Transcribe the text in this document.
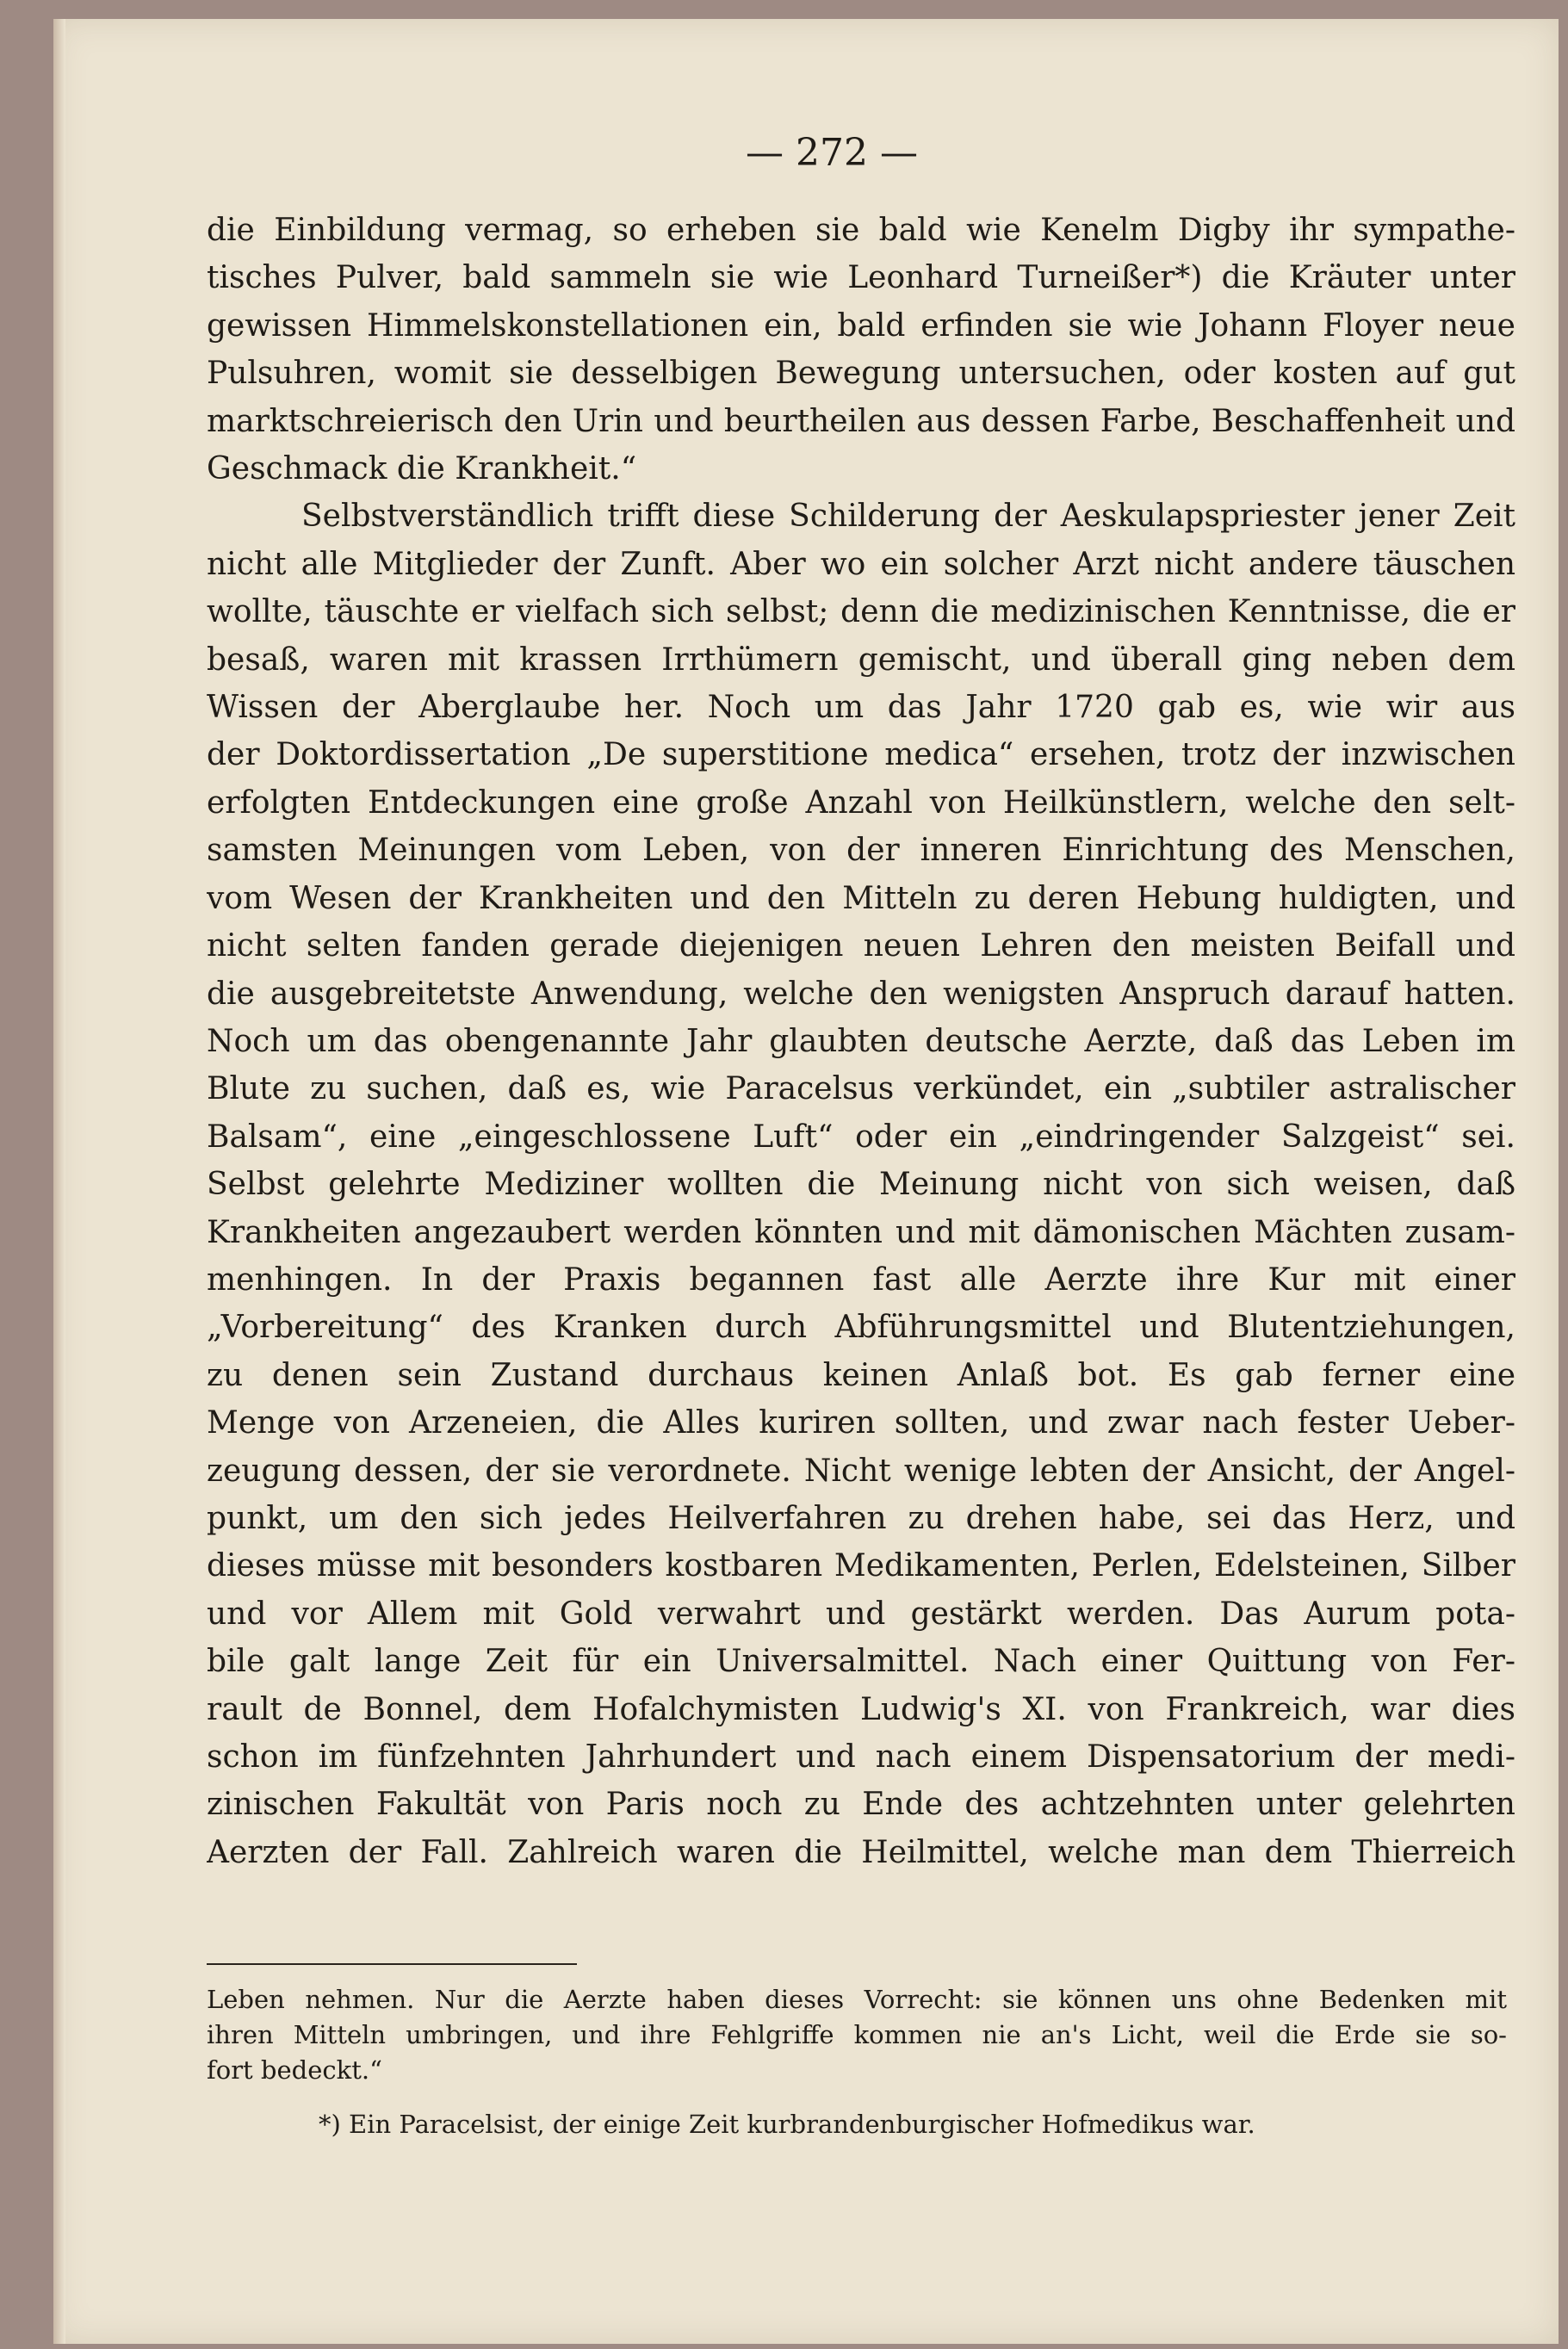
— 272 —
die Einbildung vermag, so erheben sie bald wie Kenelm Digby ihr sympathe-
tisches Pulver, bald sammeln sie wie Leonhard Turneißer*) die Kräuter unter
gewissen Himmelskonstellationen ein, bald erfinden sie wie Johann Floyer neue
Pulsuhren, womit sie desselbigen Bewegung untersuchen, oder kosten auf gut
marktschreierisch den Urin und beurtheilen aus dessen Farbe, Beschaffenheit und
Geschmack die Krankheit.“
Selbstverständlich trifft diese Schilderung der Aeskulapspriester jener Zeit
nicht alle Mitglieder der Zunft. Aber wo ein solcher Arzt nicht andere täuschen
wollte, täuschte er vielfach sich selbst; denn die medizinischen Kenntnisse, die er
besaß, waren mit krassen Irrthümern gemischt, und überall ging neben dem
Wissen der Aberglaube her. Noch um das Jahr 1720 gab es, wie wir aus
der Doktordissertation „De superstitione medica“ ersehen, trotz der inzwischen
erfolgten Entdeckungen eine große Anzahl von Heilkünstlern, welche den selt-
samsten Meinungen vom Leben, von der inneren Einrichtung des Menschen,
vom Wesen der Krankheiten und den Mitteln zu deren Hebung huldigten, und
nicht selten fanden gerade diejenigen neuen Lehren den meisten Beifall und
die ausgebreitetste Anwendung, welche den wenigsten Anspruch darauf hatten.
Noch um das obengenannte Jahr glaubten deutsche Aerzte, daß das Leben im
Blute zu suchen, daß es, wie Paracelsus verkündet, ein „subtiler astralischer
Balsam“, eine „eingeschlossene Luft“ oder ein „eindringender Salzgeist“ sei.
Selbst gelehrte Mediziner wollten die Meinung nicht von sich weisen, daß
Krankheiten angezaubert werden könnten und mit dämonischen Mächten zusam-
menhingen. In der Praxis begannen fast alle Aerzte ihre Kur mit einer
„Vorbereitung“ des Kranken durch Abführungsmittel und Blutentziehungen,
zu denen sein Zustand durchaus keinen Anlaß bot. Es gab ferner eine
Menge von Arzeneien, die Alles kuriren sollten, und zwar nach fester Ueber-
zeugung dessen, der sie verordnete. Nicht wenige lebten der Ansicht, der Angel-
punkt, um den sich jedes Heilverfahren zu drehen habe, sei das Herz, und
dieses müsse mit besonders kostbaren Medikamenten, Perlen, Edelsteinen, Silber
und vor Allem mit Gold verwahrt und gestärkt werden. Das Aurum pota-
bile galt lange Zeit für ein Universalmittel. Nach einer Quittung von Fer-
rault de Bonnel, dem Hofalchymisten Ludwig's XI. von Frankreich, war dies
schon im fünfzehnten Jahrhundert und nach einem Dispensatorium der medi-
zinischen Fakultät von Paris noch zu Ende des achtzehnten unter gelehrten
Aerzten der Fall. Zahlreich waren die Heilmittel, welche man dem Thierreich
Leben nehmen. Nur die Aerzte haben dieses Vorrecht: sie können uns ohne Bedenken mit
ihren Mitteln umbringen, und ihre Fehlgriffe kommen nie an's Licht, weil die Erde sie so-
fort bedeckt.“
*) Ein Paracelsist, der einige Zeit kurbrandenburgischer Hofmedikus war.
